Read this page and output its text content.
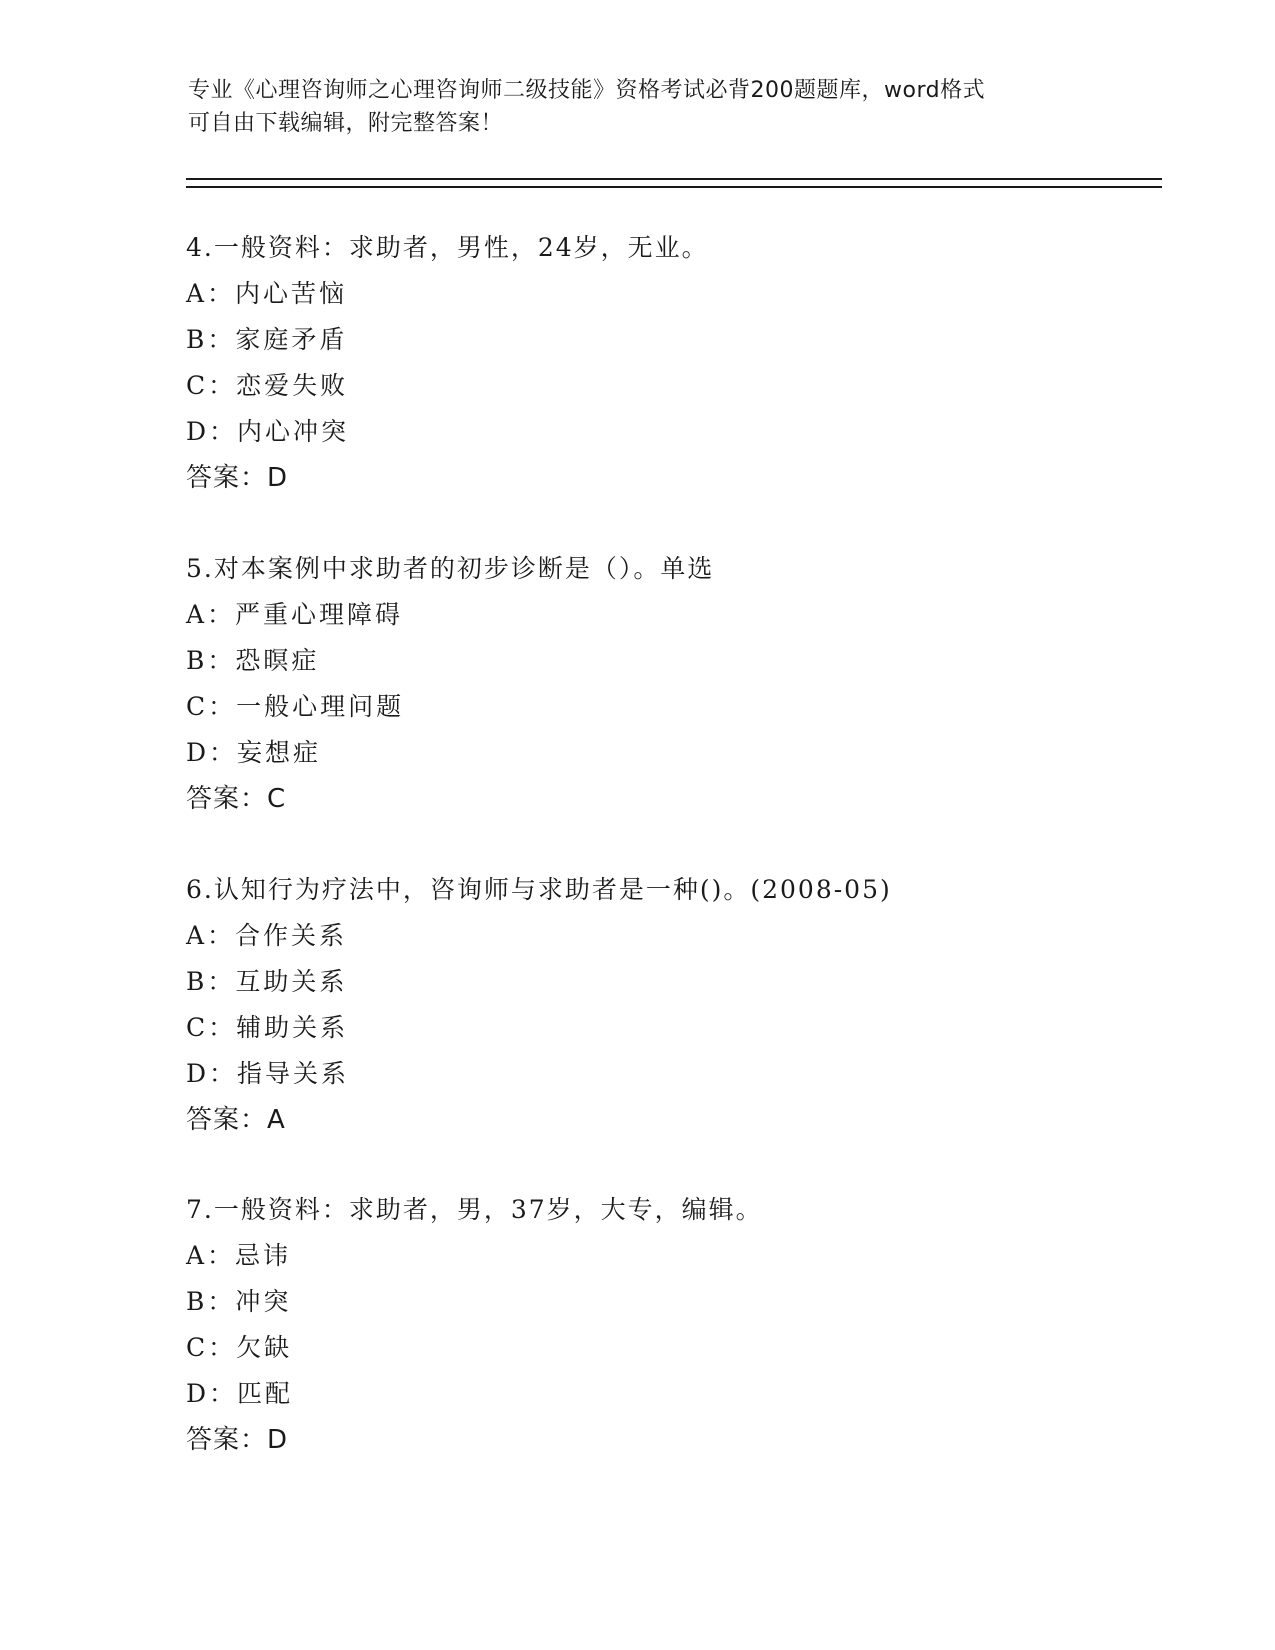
专业《心理咨询师之心理咨询师二级技能》资格考试必背200题题库，word格式
可自由下载编辑，附完整答案！
4.一般资料：求助者，男性，24岁，无业。
A：内心苦恼
B：家庭矛盾
C：恋爱失败
D：内心冲突
答案：D
5.对本案例中求助者的初步诊断是（）。单选
A：严重心理障碍
B：恐暝症
C：一般心理问题
D：妄想症
答案：C
6.认知行为疗法中，咨询师与求助者是一种()。(2008-05)
A：合作关系
B：互助关系
C：辅助关系
D：指导关系
答案：A
7.一般资料：求助者，男，37岁，大专，编辑。
A：忌讳
B：冲突
C：欠缺
D：匹配
答案：D
